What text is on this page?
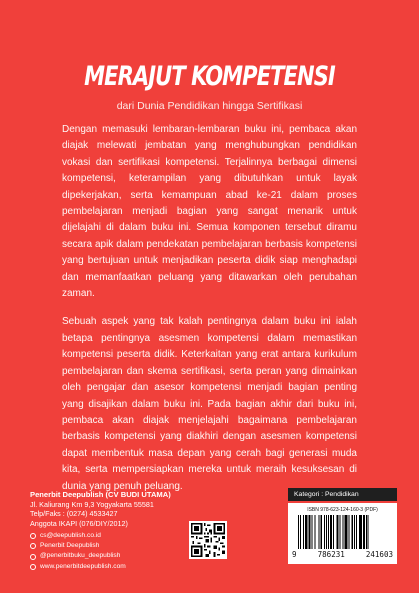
MERAJUT KOMPETENSI
dari Dunia Pendidikan hingga Sertifikasi

Dengan memasuki lembaran-lembaran buku ini, pembaca akan diajak melewati jembatan yang menghubungkan pendidikan vokasi dan sertifikasi kompetensi. Terjalinnya berbagai dimensi kompetensi, keterampilan yang dibutuhkan untuk layak dipekerjakan, serta kemampuan abad ke-21 dalam proses pembelajaran menjadi bagian yang sangat menarik untuk dijelajahi di dalam buku ini. Semua komponen tersebut diramu secara apik dalam pendekatan pembelajaran berbasis kompetensi yang bertujuan untuk menjadikan peserta didik siap menghadapi dan memanfaatkan peluang yang ditawarkan oleh perubahan zaman.

Sebuah aspek yang tak kalah pentingnya dalam buku ini ialah betapa pentingnya asesmen kompetensi dalam memastikan kompetensi peserta didik. Keterkaitan yang erat antara kurikulum pembelajaran dan skema sertifikasi, serta peran yang dimainkan oleh pengajar dan asesor kompetensi menjadi bagian penting yang disajikan dalam buku ini. Pada bagian akhir dari buku ini, pembaca akan diajak menjelajahi bagaimana pembelajaran berbasis kompetensi yang diakhiri dengan asesmen kompetensi dapat membentuk masa depan yang cerah bagi generasi muda kita, serta mempersiapkan mereka untuk meraih kesuksesan di dunia yang penuh peluang.

Penerbit Deepublish (CV BUDI UTAMA)
Jl. Kaliurang Km 9,3 Yogyakarta 55581
Telp/Faks : (0274) 4533427
Anggota IKAPI (076/DIY/2012)
cs@deepublish.co.id
Penerbit Deepublish
@penerbitbuku_deepublish
www.penerbitdeepublish.com
Kategori : Pendidikan
ISBN 978-623-124-160-3 (PDF)
9	786231	241603
